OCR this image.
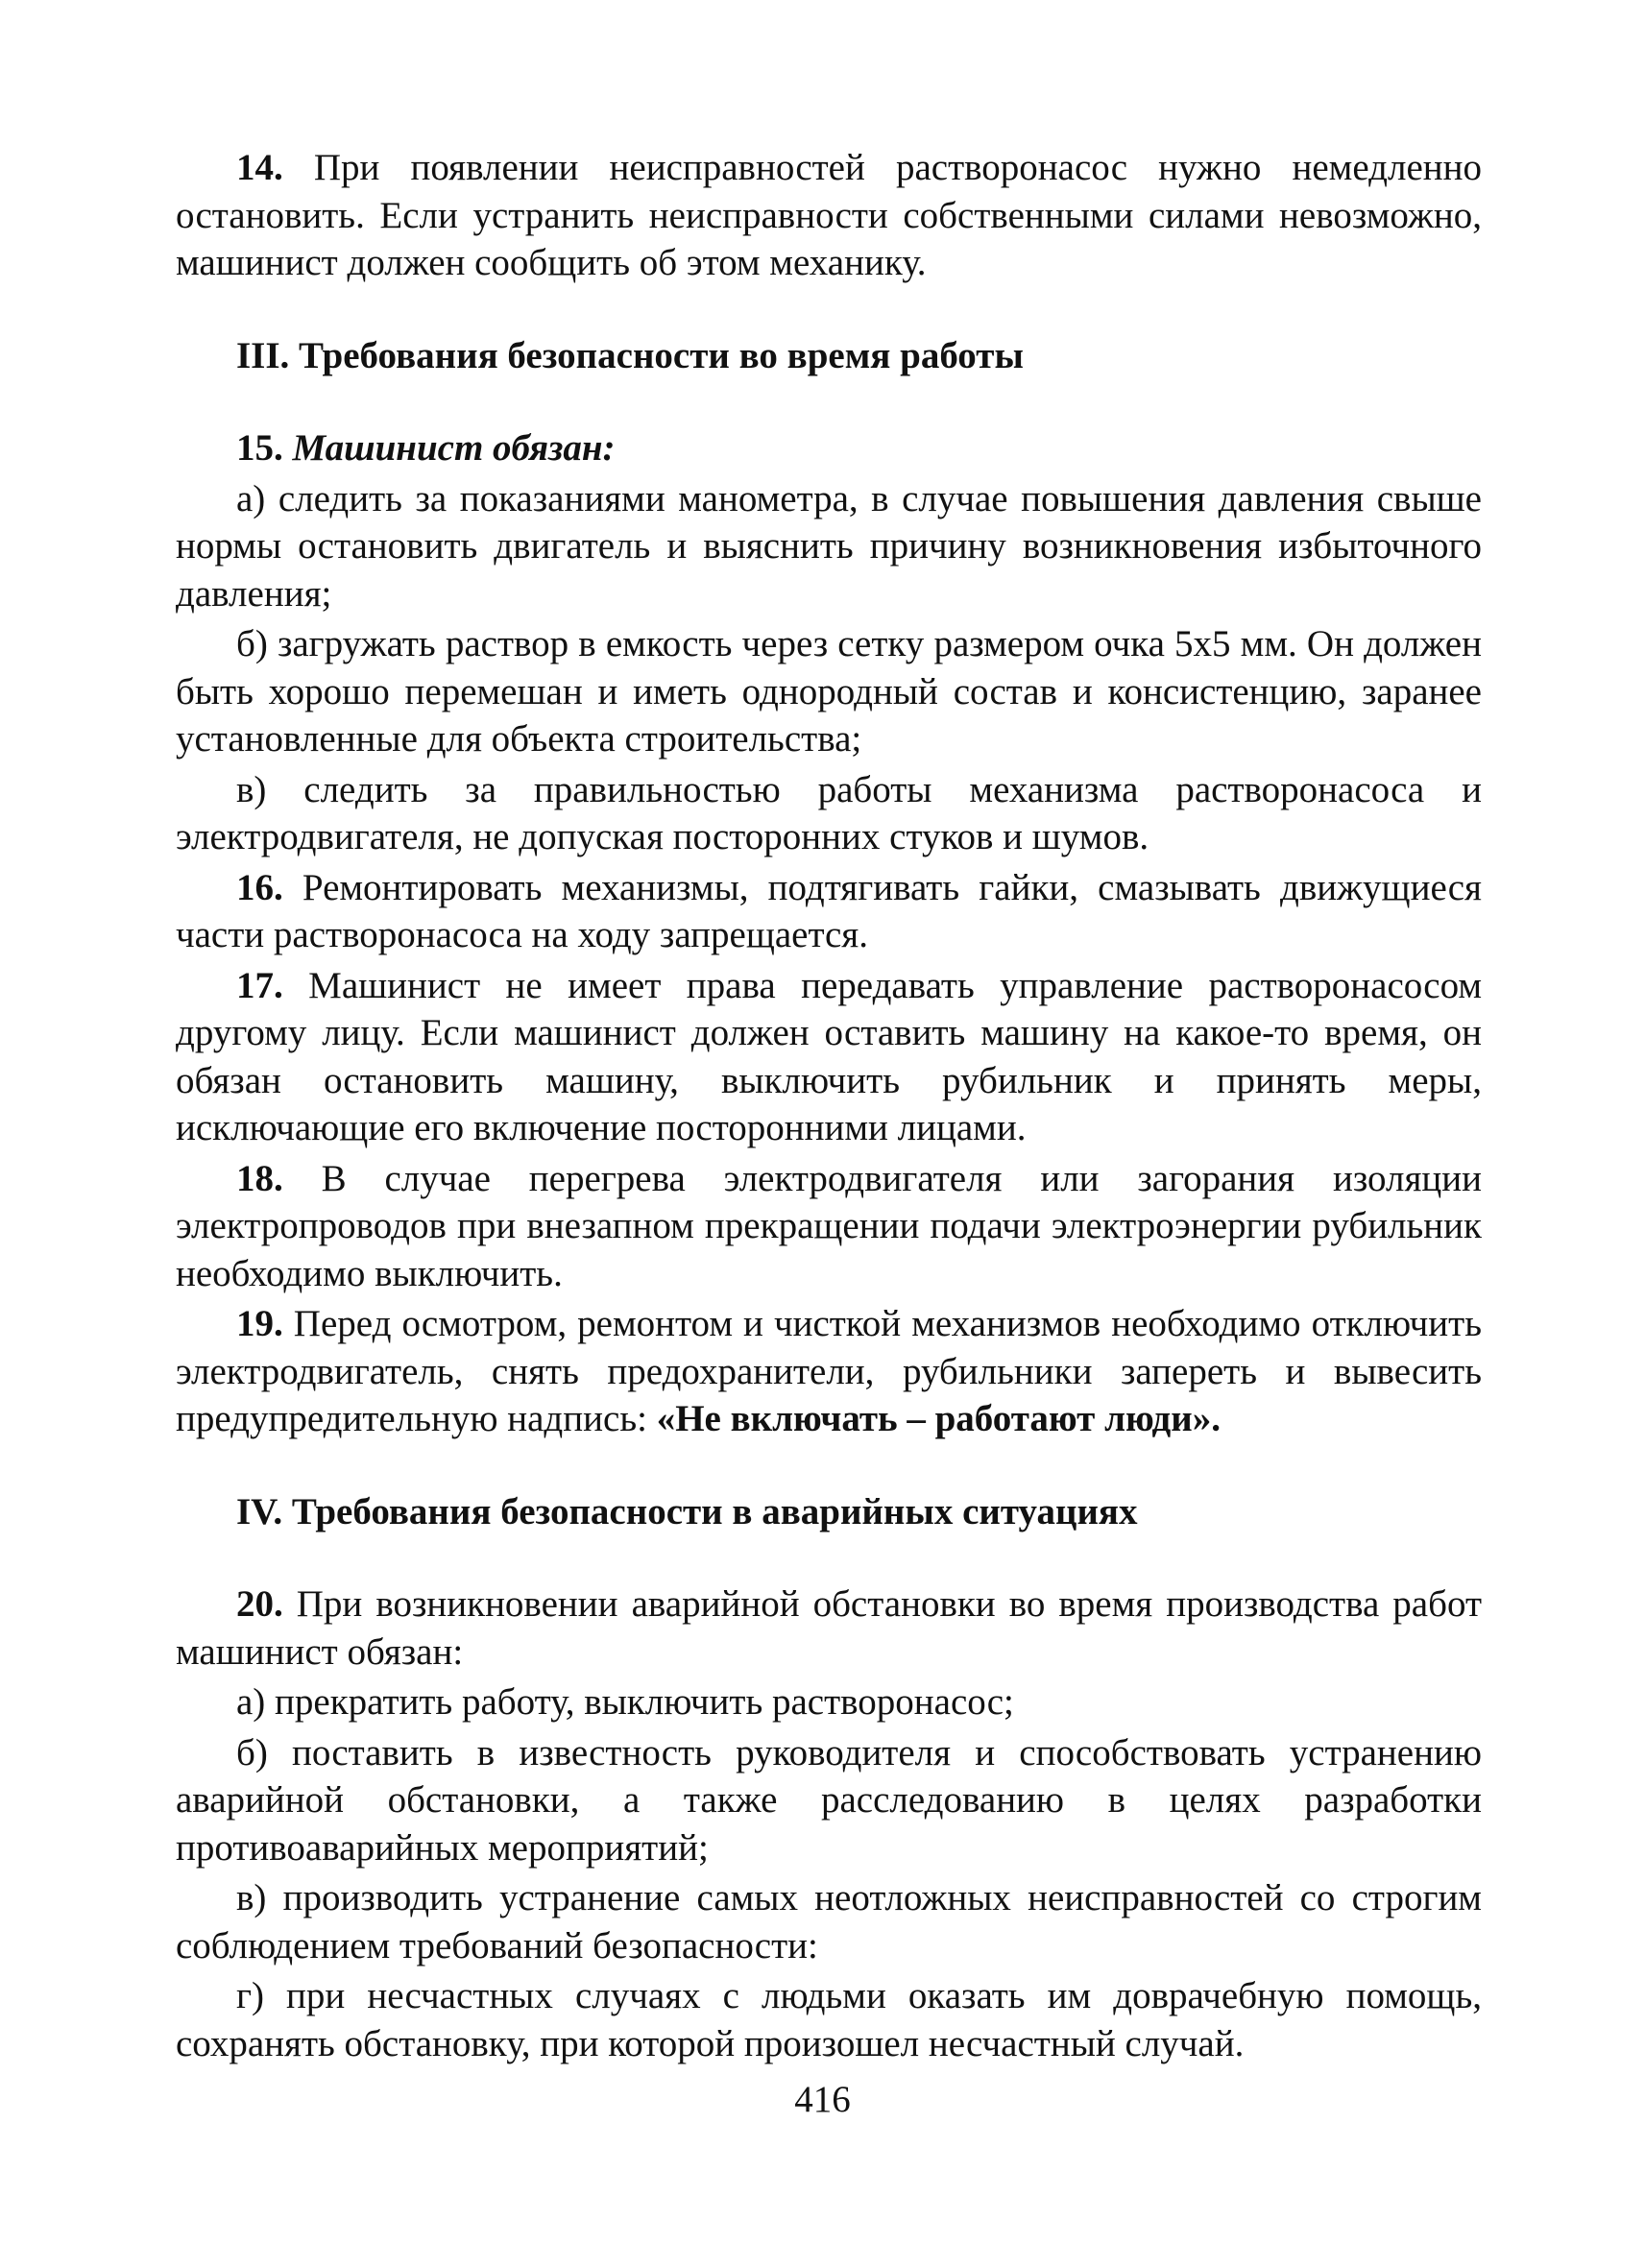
14. При появлении неисправностей растворонасос нужно немедленно остановить. Если устранить неисправности собственными силами невозможно, машинист должен сообщить об этом механику.

III. Требования безопасности во время работы

15. Машинист обязан:

а) следить за показаниями манометра, в случае повышения давления свыше нормы остановить двигатель и выяснить причину возникновения избыточного давления;

б) загружать раствор в емкость через сетку размером очка 5х5 мм. Он должен быть хорошо перемешан и иметь однородный состав и консистенцию, заранее установленные для объекта строительства;

в) следить за правильностью работы механизма растворонасоса и электродвигателя, не допуская посторонних стуков и шумов.

16. Ремонтировать механизмы, подтягивать гайки, смазывать движущиеся части растворонасоса на ходу запрещается.

17. Машинист не имеет права передавать управление растворонасосом другому лицу. Если машинист должен оставить машину на какое-то время, он обязан остановить машину, выключить рубильник и принять меры, исключающие его включение посторонними лицами.

18. В случае перегрева электродвигателя или загорания изоляции электропроводов при внезапном прекращении подачи электроэнергии рубильник необходимо выключить.

19. Перед осмотром, ремонтом и чисткой механизмов необходимо отключить электродвигатель, снять предохранители, рубильники запереть и вывесить предупредительную надпись: «Не включать – работают люди».

IV. Требования безопасности в аварийных ситуациях

20. При возникновении аварийной обстановки во время производства работ машинист обязан:

а) прекратить работу, выключить растворонасос;

б) поставить в известность руководителя и способствовать устранению аварийной обстановки, а также расследованию в целях разработки противоаварийных мероприятий;

в) производить устранение самых неотложных неисправностей со строгим соблюдением требований безопасности:

г) при несчастных случаях с людьми оказать им доврачебную помощь, сохранять обстановку, при которой произошел несчастный случай.

416
